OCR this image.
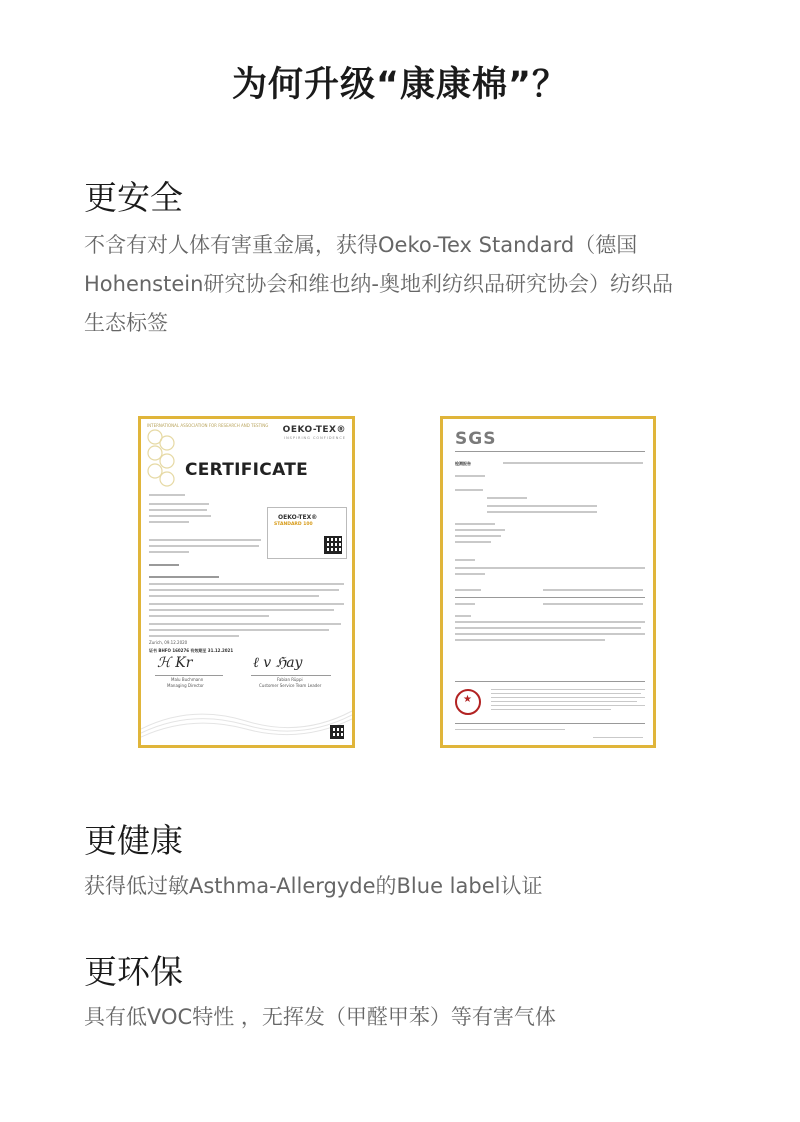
为何升级“康康棉”？
更安全
不含有对人体有害重金属，获得Oeko-Tex Standard（德国Hohenstein研究协会和维也纳-奥地利纺织品研究协会）纺织品生态标签
INTERNATIONAL ASSOCIATION FOR RESEARCH AND TESTING OEKO-TEX®
INSPIRING CONFIDENCE
CERTIFICATE
OEKO-TEX®
STANDARD 100
Zurich, 09.12.2020
证书 BHFO 160276 有效期至 31.12.2021
ℋ Kr	ℓ v ℌay
Malu Buchmann
Managing Director
Fabian Rüppi
Customer Service Team Leader
SGS
检测报告
★
更健康
获得低过敏Asthma-Allergyde的Blue label认证
更环保
具有低VOC特性 ，无挥发（甲醛甲苯）等有害气体
